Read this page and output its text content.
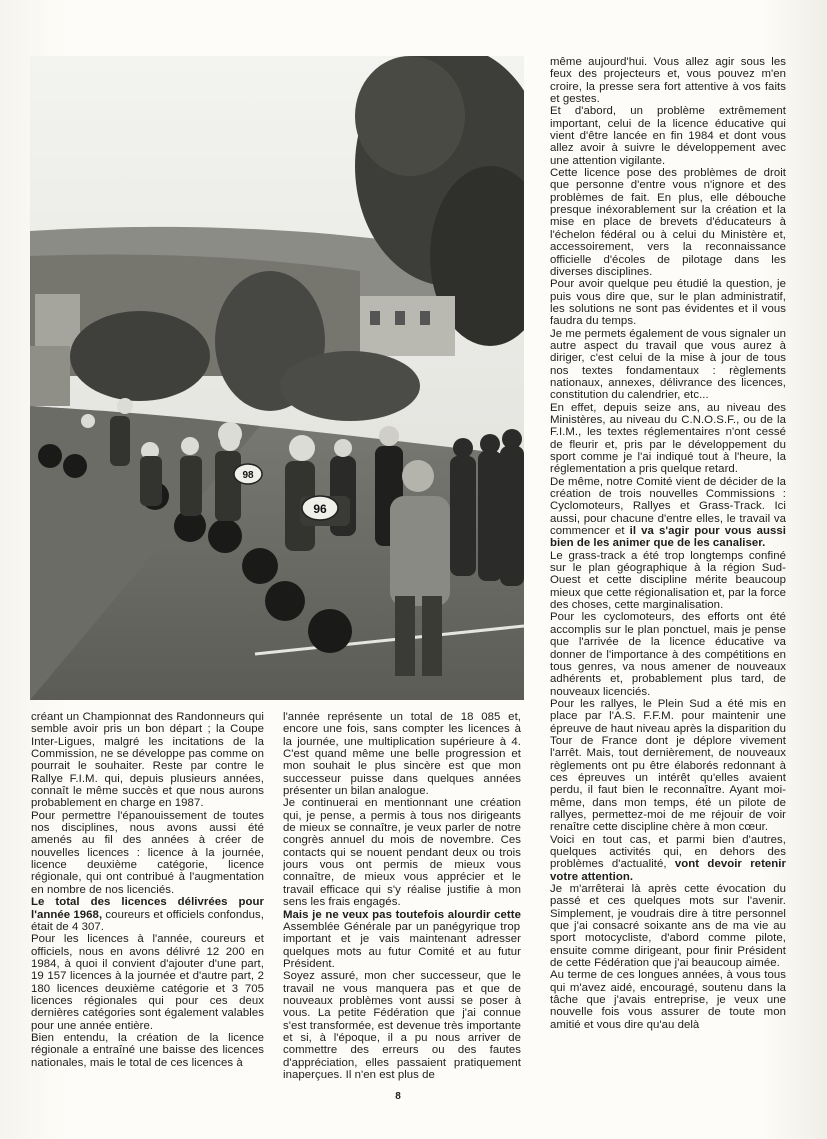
96
98

créant un Championnat des Randonneurs qui semble avoir pris un bon départ ; la Coupe Inter-Ligues, malgré les incitations de la Commission, ne se développe pas comme on pourrait le souhaiter. Reste par contre le Rallye F.I.M. qui, depuis plusieurs années, connaît le même succès et que nous aurons probablement en charge en 1987.

Pour permettre l'épanouissement de toutes nos disciplines, nous avons aussi été amenés au fil des années à créer de nouvelles licences : licence à la journée, licence deuxième catégorie, licence régionale, qui ont contribué à l'augmentation en nombre de nos licenciés.

Le total des licences délivrées pour l'année 1968, coureurs et officiels confondus, était de 4 307.

Pour les licences à l'année, coureurs et officiels, nous en avons délivré 12 200 en 1984, à quoi il convient d'ajouter d'une part, 19 157 licences à la journée et d'autre part, 2 180 licences deuxième catégorie et 3 705 licences régionales qui pour ces deux dernières catégories sont également valables pour une année entière.

Bien entendu, la création de la licence régionale a entraîné une baisse des licences nationales, mais le total de ces licences à

l'année représente un total de 18 085 et, encore une fois, sans compter les licences à la journée, une multiplication supérieure à 4. C'est quand même une belle progression et mon souhait le plus sincère est que mon successeur puisse dans quelques années présenter un bilan analogue.

Je continuerai en mentionnant une création qui, je pense, a permis à tous nos dirigeants de mieux se connaître, je veux parler de notre congrès annuel du mois de novembre. Ces contacts qui se nouent pendant deux ou trois jours vous ont permis de mieux vous connaître, de mieux vous apprécier et le travail efficace qui s'y réalise justifie à mon sens les frais engagés.

Mais je ne veux pas toutefois alourdir cette Assemblée Générale par un panégyrique trop important et je vais maintenant adresser quelques mots au futur Comité et au futur Président.

Soyez assuré, mon cher successeur, que le travail ne vous manquera pas et que de nouveaux problèmes vont aussi se poser à vous. La petite Fédération que j'ai connue s'est transformée, est devenue très importante et si, à l'époque, il a pu nous arriver de commettre des erreurs ou des fautes d'appréciation, elles passaient pratiquement inaperçues. Il n'en est plus de

même aujourd'hui. Vous allez agir sous les feux des projecteurs et, vous pouvez m'en croire, la presse sera fort attentive à vos faits et gestes.

Et d'abord, un problème extrêmement important, celui de la licence éducative qui vient d'être lancée en fin 1984 et dont vous allez avoir à suivre le développement avec une attention vigilante.

Cette licence pose des problèmes de droit que personne d'entre vous n'ignore et des problèmes de fait. En plus, elle débouche presque inéxorablement sur la création et la mise en place de brevets d'éducateurs à l'échelon fédéral ou à celui du Ministère et, accessoirement, vers la reconnaissance officielle d'écoles de pilotage dans les diverses disciplines.

Pour avoir quelque peu étudié la question, je puis vous dire que, sur le plan administratif, les solutions ne sont pas évidentes et il vous faudra du temps.

Je me permets également de vous signaler un autre aspect du travail que vous aurez à diriger, c'est celui de la mise à jour de tous nos textes fondamentaux : règlements nationaux, annexes, délivrance des licences, constitution du calendrier, etc...

En effet, depuis seize ans, au niveau des Ministères, au niveau du C.N.O.S.F., ou de la F.I.M., les textes réglementaires n'ont cessé de fleurir et, pris par le développement du sport comme je l'ai indiqué tout à l'heure, la réglementation a pris quelque retard.

De même, notre Comité vient de décider de la création de trois nouvelles Commissions : Cyclomoteurs, Rallyes et Grass-Track. Ici aussi, pour chacune d'entre elles, le travail va commencer et il va s'agir pour vous aussi bien de les animer que de les canaliser.

Le grass-track a été trop longtemps confiné sur le plan géographique à la région Sud-Ouest et cette discipline mérite beaucoup mieux que cette régionalisation et, par la force des choses, cette marginalisation.

Pour les cyclomoteurs, des efforts ont été accomplis sur le plan ponctuel, mais je pense que l'arrivée de la licence éducative va donner de l'importance à des compétitions en tous genres, va nous amener de nouveaux adhérents et, probablement plus tard, de nouveaux licenciés.

Pour les rallyes, le Plein Sud a été mis en place par l'A.S. F.F.M. pour maintenir une épreuve de haut niveau après la disparition du Tour de France dont je déplore vivement l'arrêt. Mais, tout dernièrement, de nouveaux règlements ont pu être élaborés redonnant à ces épreuves un intérêt qu'elles avaient perdu, il faut bien le reconnaître. Ayant moi-même, dans mon temps, été un pilote de rallyes, permettez-moi de me réjouir de voir renaître cette discipline chère à mon cœur.

Voici en tout cas, et parmi bien d'autres, quelques activités qui, en dehors des problèmes d'actualité, vont devoir retenir votre attention.

Je m'arrêterai là après cette évocation du passé et ces quelques mots sur l'avenir. Simplement, je voudrais dire à titre personnel que j'ai consacré soixante ans de ma vie au sport motocycliste, d'abord comme pilote, ensuite comme dirigeant, pour finir Président de cette Fédération que j'ai beaucoup aimée.

Au terme de ces longues années, à vous tous qui m'avez aidé, encouragé, soutenu dans la tâche que j'avais entreprise, je veux une nouvelle fois vous assurer de toute mon amitié et vous dire qu'au delà

8
